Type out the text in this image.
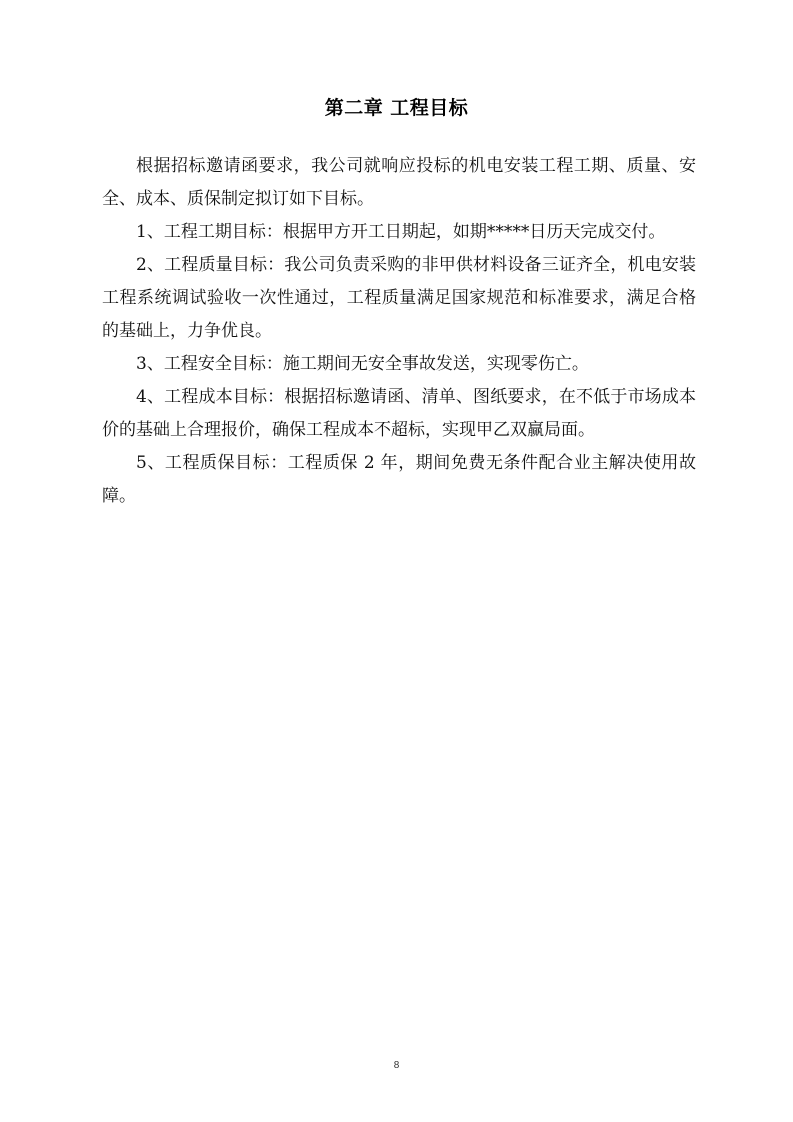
第二章 工程目标

根据招标邀请函要求，我公司就响应投标的机电安装工程工期、质量、安全、成本、质保制定拟订如下目标。

1、工程工期目标：根据甲方开工日期起，如期*****日历天完成交付。

2、工程质量目标：我公司负责采购的非甲供材料设备三证齐全，机电安装工程系统调试验收一次性通过，工程质量满足国家规范和标准要求，满足合格的基础上，力争优良。

3、工程安全目标：施工期间无安全事故发送，实现零伤亡。

4、工程成本目标：根据招标邀请函、清单、图纸要求，在不低于市场成本价的基础上合理报价，确保工程成本不超标，实现甲乙双赢局面。

5、工程质保目标：工程质保 2 年，期间免费无条件配合业主解决使用故障。

8
